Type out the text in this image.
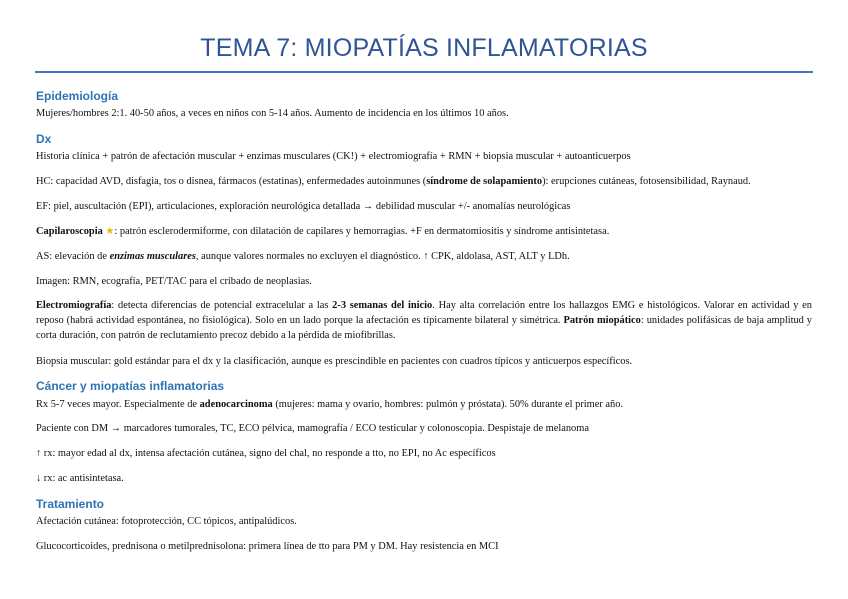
TEMA 7: MIOPATÍAS INFLAMATORIAS
Epidemiología

Mujeres/hombres 2:1. 40-50 años, a veces en niños con 5-14 años. Aumento de incidencia en los últimos 10 años.

Dx

Historia clínica + patrón de afectación muscular + enzimas musculares (CK!) + electromiografía + RMN + biopsia muscular + autoanticuerpos

HC: capacidad AVD, disfagia, tos o disnea, fármacos (estatinas), enfermedades autoinmunes (síndrome de solapamiento): erupciones cutáneas, fotosensibilidad, Raynaud.

EF: piel, auscultación (EPI), articulaciones, exploración neurológica detallada → debilidad muscular +/- anomalías neurológicas

Capilaroscopia ★: patrón esclerodermiforme, con dilatación de capilares y hemorragias. +F en dermatomiositis y síndrome antisintetasa.

AS: elevación de enzimas musculares, aunque valores normales no excluyen el diagnóstico. ↑ CPK, aldolasa, AST, ALT y LDh.

Imagen: RMN, ecografía, PET/TAC para el cribado de neoplasias.

Electromiografía: detecta diferencias de potencial extracelular a las 2-3 semanas del inicio. Hay alta correlación entre los hallazgos EMG e histológicos. Valorar en actividad y en reposo (habrá actividad espontánea, no fisiológica). Solo en un lado porque la afectación es típicamente bilateral y simétrica. Patrón miopático: unidades polifásicas de baja amplitud y corta duración, con patrón de reclutamiento precoz debido a la pérdida de miofibrillas.

Biopsia muscular: gold estándar para el dx y la clasificación, aunque es prescindible en pacientes con cuadros típicos y anticuerpos específicos.

Cáncer y miopatías inflamatorias

Rx 5-7 veces mayor. Especialmente de adenocarcinoma (mujeres: mama y ovario, hombres: pulmón y próstata). 50% durante el primer año.

Paciente con DM → marcadores tumorales, TC, ECO pélvica, mamografía / ECO testicular y colonoscopia. Despistaje de melanoma

↑ rx: mayor edad al dx, intensa afectación cutánea, signo del chal, no responde a tto, no EPI, no Ac específicos

↓ rx: ac antisintetasa.

Tratamiento

Afectación cutánea: fotoprotección, CC tópicos, antipalúdicos.

Glucocorticoides, prednisona o metilprednisolona: primera línea de tto para PM y DM. Hay resistencia en MCI
